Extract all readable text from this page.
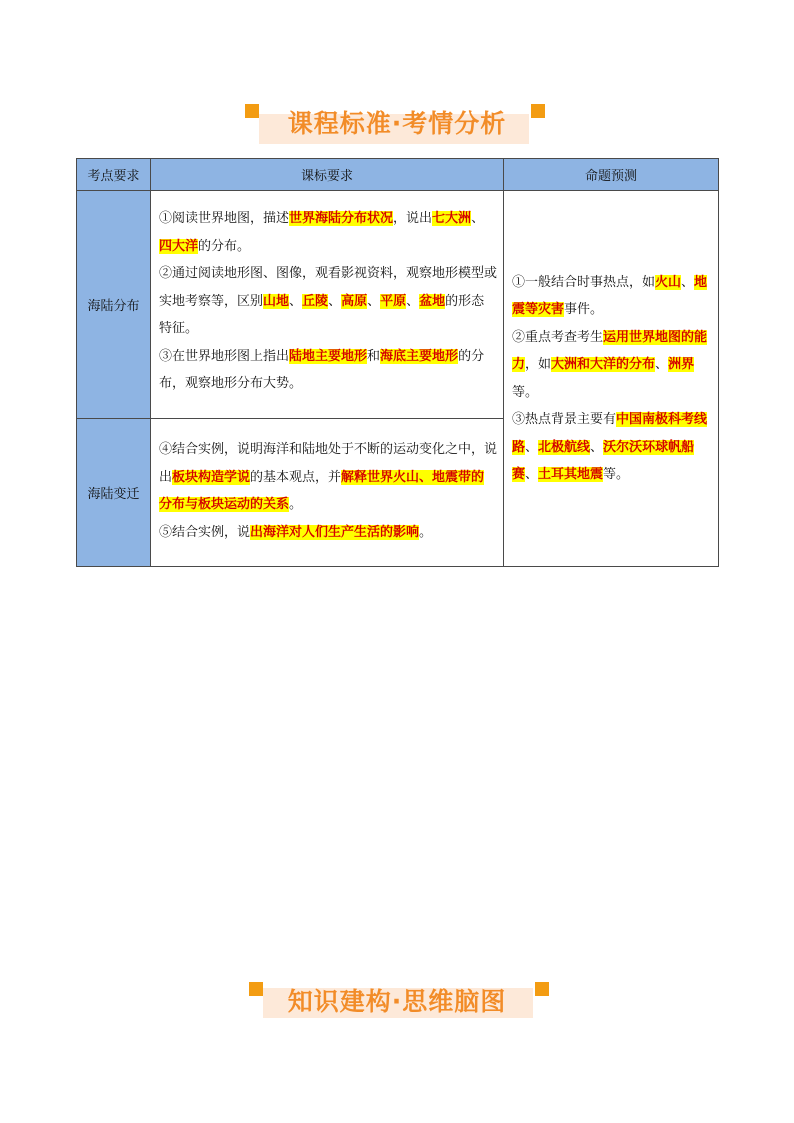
课程标准·考情分析
考点要求	课标要求	命题预测
海陆分布	①阅读世界地图，描述世界海陆分布状况，说出七大洲、四大洋的分布。
②通过阅读地形图、图像，观看影视资料，观察地形模型或实地考察等，区别山地、丘陵、高原、平原、盆地的形态特征。
③在世界地形图上指出陆地主要地形和海底主要地形的分布，观察地形分布大势。	①一般结合时事热点，如火山、地震等灾害事件。
②重点考查考生运用世界地图的能力，如大洲和大洋的分布、洲界等。
③热点背景主要有中国南极科考线路、北极航线、沃尔沃环球帆船赛、土耳其地震等。

海陆变迁	④结合实例，说明海洋和陆地处于不断的运动变化之中，说出板块构造学说的基本观点，并解释世界火山、地震带的分布与板块运动的关系。
⑤结合实例，说出海洋对人们生产生活的影响。	
知识建构·思维脑图
